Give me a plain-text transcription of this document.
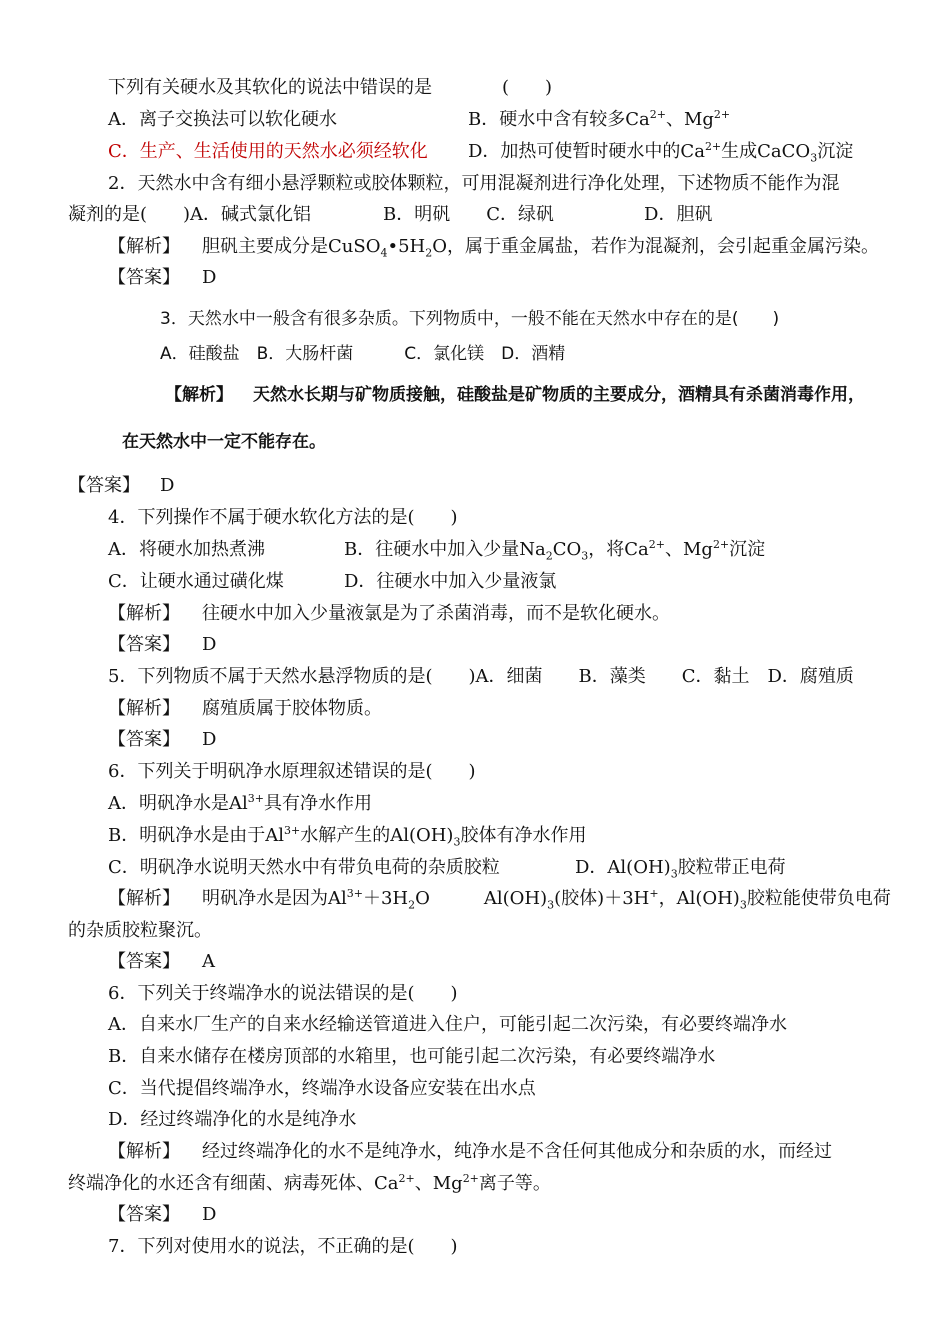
下列有关硬水及其软化的说法中错误的是	(　　)
A．离子交换法可以软化硬水	B．硬水中含有较多$Ca^{2+}$、$Mg^{2+}$
C．生产、生活使用的天然水必须经软化 D．加热可使暂时硬水中的$Ca^{2+}$生成CaCO$_3$沉淀
2．天然水中含有细小悬浮颗粒或胶体颗粒，可用混凝剂进行净化处理，下述物质不能作为混
凝剂的是(　　)A．碱式氯化铝　　　　B．明矾　　C．绿矾　　　　　D．胆矾
【解析】 胆矾主要成分是$CuSO_4•5H_2O$，属于重金属盐，若作为混凝剂，会引起重金属污染。
【答案】 D
3．天然水中一般含有很多杂质。下列物质中，一般不能在天然水中存在的是(　　)
A．硅酸盐　B．大肠杆菌　　　C．氯化镁　D．酒精
【解析】 天然水长期与矿物质接触，硅酸盐是矿物质的主要成分，酒精具有杀菌消毒作用，
在天然水中一定不能存在。
【答案】 D
4．下列操作不属于硬水软化方法的是(　　)
A．将硬水加热煮沸	B．往硬水中加入少量$Na_2CO_3$，将$Ca^{2+}$、$Mg^{2+}$沉淀
C．让硬水通过磺化煤	D．往硬水中加入少量液氯
【解析】 往硬水中加入少量液氯是为了杀菌消毒，而不是软化硬水。
【答案】 D
5．下列物质不属于天然水悬浮物质的是(　　)A．细菌　　B．藻类　　C．黏土　D．腐殖质
【解析】 腐殖质属于胶体物质。
【答案】 D
6．下列关于明矾净水原理叙述错误的是(　　)
A．明矾净水是$Al^{3+}$具有净水作用
B．明矾净水是由于$Al^{3+}$水解产生的$Al(OH)_3$胶体有净水作用
C．明矾净水说明天然水中有带负电荷的杂质胶粒	D．$Al(OH)_3$胶粒带正电荷
【解析】 明矾净水是因为$Al^{3+}+3H_2O$　　　$Al(OH)_3$(胶体)＋3H+，$Al(OH)_3$胶粒能使带负电荷
的杂质胶粒聚沉。
【答案】 A
6．下列关于终端净水的说法错误的是(　　)
A．自来水厂生产的自来水经输送管道进入住户，可能引起二次污染，有必要终端净水
B．自来水储存在楼房顶部的水箱里，也可能引起二次污染，有必要终端净水
C．当代提倡终端净水，终端净水设备应安装在出水点
D．经过终端净化的水是纯净水
【解析】 经过终端净化的水不是纯净水，纯净水是不含任何其他成分和杂质的水，而经过
终端净化的水还含有细菌、病毒死体、$Ca^{2+}$、$Mg^{2+}$离子等。
【答案】 D
7．下列对使用水的说法，不正确的是(　　)
